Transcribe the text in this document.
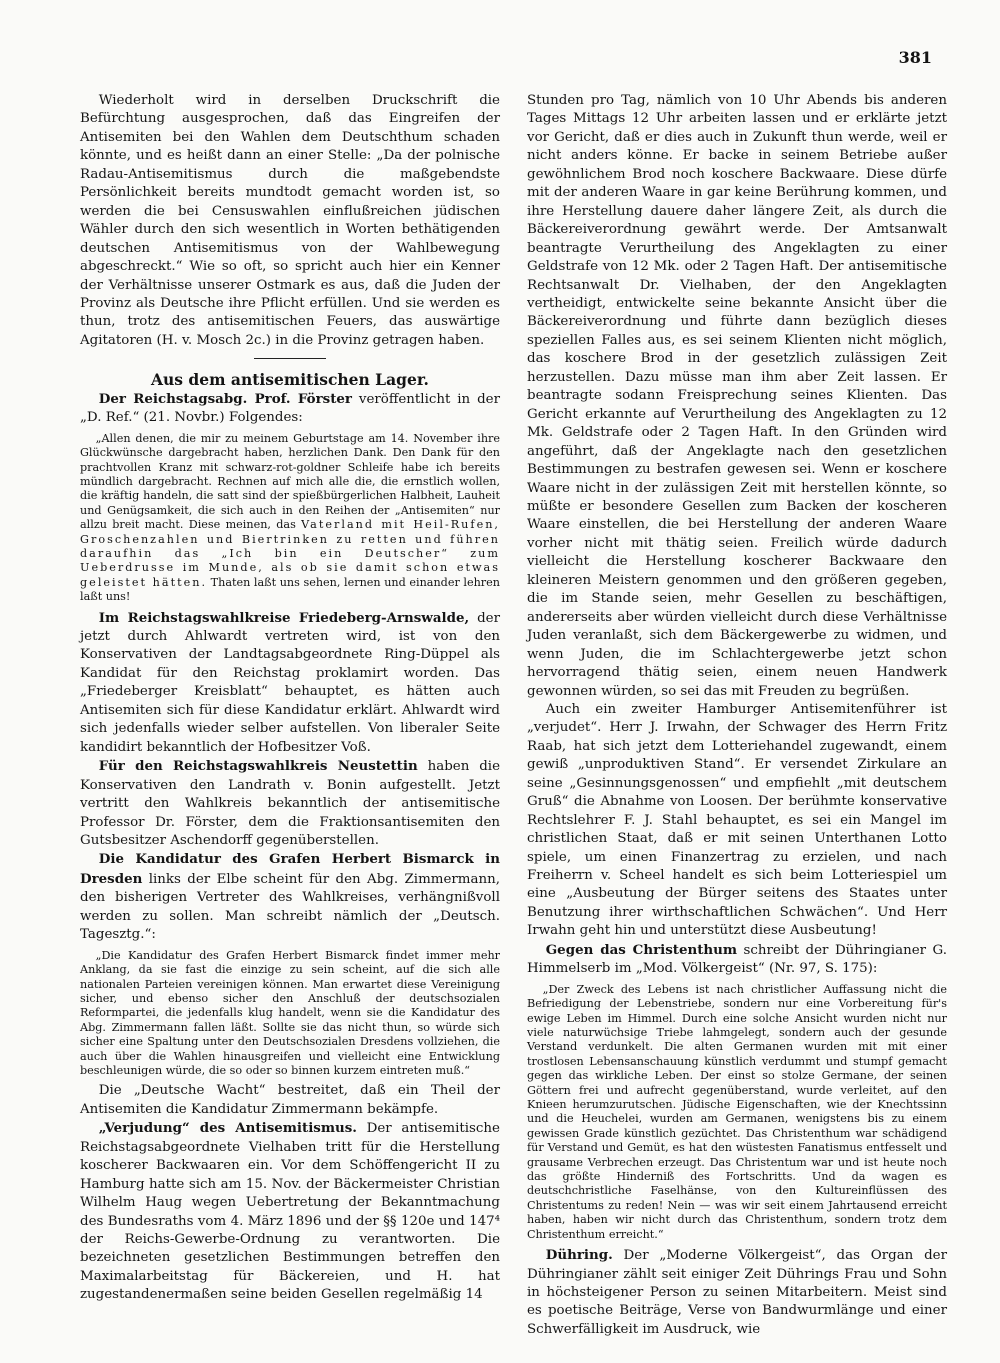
381

Wiederholt wird in derselben Druckschrift die Befürchtung ausgesprochen, daß das Eingreifen der Antisemiten bei den Wahlen dem Deutschthum schaden könnte, und es heißt dann an einer Stelle: „Da der polnische Radau-Antisemitismus durch die maßgebendste Persönlichkeit bereits mundtodt gemacht worden ist, so werden die bei Censuswahlen einflußreichen jüdischen Wähler durch den sich wesentlich in Worten bethätigenden deutschen Antisemitismus von der Wahlbewegung abgeschreckt.“ Wie so oft, so spricht auch hier ein Kenner der Verhältnisse unserer Ostmark es aus, daß die Juden der Provinz als Deutsche ihre Pflicht erfüllen. Und sie werden es thun, trotz des antisemitischen Feuers, das auswärtige Agitatoren (H. v. Mosch 2c.) in die Provinz getragen haben.

Aus dem antisemitischen Lager.

Der Reichstagsabg. Prof. Förster veröffentlicht in der „D. Ref.“ (21. Novbr.) Folgendes:

„Allen denen, die mir zu meinem Geburtstage am 14. November ihre Glückwünsche dargebracht haben, herzlichen Dank. Den Dank für den prachtvollen Kranz mit schwarz-rot-goldner Schleife habe ich bereits mündlich dargebracht. Rechnen auf mich alle die, die ernstlich wollen, die kräftig handeln, die satt sind der spießbürgerlichen Halbheit, Lauheit und Genügsamkeit, die sich auch in den Reihen der „Antisemiten“ nur allzu breit macht. Diese meinen, das Vaterland mit Heil-Rufen, Groschenzahlen und Biertrinken zu retten und führen daraufhin das „Ich bin ein Deutscher“ zum Ueberdrusse im Munde, als ob sie damit schon etwas geleistet hätten. Thaten laßt uns sehen, lernen und einander lehren laßt uns!

Im Reichstagswahlkreise Friedeberg-Arnswalde, der jetzt durch Ahlwardt vertreten wird, ist von den Konservativen der Landtagsabgeordnete Ring-Düppel als Kandidat für den Reichstag proklamirt worden. Das „Friedeberger Kreisblatt“ behauptet, es hätten auch Antisemiten sich für diese Kandidatur erklärt. Ahlwardt wird sich jedenfalls wieder selber aufstellen. Von liberaler Seite kandidirt bekanntlich der Hofbesitzer Voß.

Für den Reichstagswahlkreis Neustettin haben die Konservativen den Landrath v. Bonin aufgestellt. Jetzt vertritt den Wahlkreis bekanntlich der antisemitische Professor Dr. Förster, dem die Fraktionsantisemiten den Gutsbesitzer Aschendorff gegenüberstellen.

Die Kandidatur des Grafen Herbert Bismarck in Dresden links der Elbe scheint für den Abg. Zimmermann, den bisherigen Vertreter des Wahlkreises, verhängnißvoll werden zu sollen. Man schreibt nämlich der „Deutsch. Tagesztg.“:

„Die Kandidatur des Grafen Herbert Bismarck findet immer mehr Anklang, da sie fast die einzige zu sein scheint, auf die sich alle nationalen Parteien vereinigen können. Man erwartet diese Vereinigung sicher, und ebenso sicher den Anschluß der deutschsozialen Reformpartei, die jedenfalls klug handelt, wenn sie die Kandidatur des Abg. Zimmermann fallen läßt. Sollte sie das nicht thun, so würde sich sicher eine Spaltung unter den Deutschsozialen Dresdens vollziehen, die auch über die Wahlen hinausgreifen und vielleicht eine Entwicklung beschleunigen würde, die so oder so binnen kurzem eintreten muß.“

Die „Deutsche Wacht“ bestreitet, daß ein Theil der Antisemiten die Kandidatur Zimmermann bekämpfe.

„Verjudung“ des Antisemitismus. Der antisemitische Reichstagsabgeordnete Vielhaben tritt für die Herstellung koscherer Backwaaren ein. Vor dem Schöffengericht II zu Hamburg hatte sich am 15. Nov. der Bäckermeister Christian Wilhelm Haug wegen Uebertretung der Bekanntmachung des Bundesraths vom 4. März 1896 und der §§ 120e und 147⁴ der Reichs-Gewerbe-Ordnung zu verantworten. Die bezeichneten gesetzlichen Bestimmungen betreffen den Maximalarbeitstag für Bäckereien, und H. hat zugestandenermaßen seine beiden Gesellen regelmäßig 14

Stunden pro Tag, nämlich von 10 Uhr Abends bis anderen Tages Mittags 12 Uhr arbeiten lassen und er erklärte jetzt vor Gericht, daß er dies auch in Zukunft thun werde, weil er nicht anders könne. Er backe in seinem Betriebe außer gewöhnlichem Brod noch koschere Backwaare. Diese dürfe mit der anderen Waare in gar keine Berührung kommen, und ihre Herstellung dauere daher längere Zeit, als durch die Bäckereiverordnung gewährt werde. Der Amtsanwalt beantragte Verurtheilung des Angeklagten zu einer Geldstrafe von 12 Mk. oder 2 Tagen Haft. Der antisemitische Rechtsanwalt Dr. Vielhaben, der den Angeklagten vertheidigt, entwickelte seine bekannte Ansicht über die Bäckereiverordnung und führte dann bezüglich dieses speziellen Falles aus, es sei seinem Klienten nicht möglich, das koschere Brod in der gesetzlich zulässigen Zeit herzustellen. Dazu müsse man ihm aber Zeit lassen. Er beantragte sodann Freisprechung seines Klienten. Das Gericht erkannte auf Verurtheilung des Angeklagten zu 12 Mk. Geldstrafe oder 2 Tagen Haft. In den Gründen wird angeführt, daß der Angeklagte nach den gesetzlichen Bestimmungen zu bestrafen gewesen sei. Wenn er koschere Waare nicht in der zulässigen Zeit mit herstellen könnte, so müßte er besondere Gesellen zum Backen der koscheren Waare einstellen, die bei Herstellung der anderen Waare vorher nicht mit thätig seien. Freilich würde dadurch vielleicht die Herstellung koscherer Backwaare den kleineren Meistern genommen und den größeren gegeben, die im Stande seien, mehr Gesellen zu beschäftigen, andererseits aber würden vielleicht durch diese Verhältnisse Juden veranlaßt, sich dem Bäckergewerbe zu widmen, und wenn Juden, die im Schlachtergewerbe jetzt schon hervorragend thätig seien, einem neuen Handwerk gewonnen würden, so sei das mit Freuden zu begrüßen.

Auch ein zweiter Hamburger Antisemitenführer ist „verjudet“. Herr J. Irwahn, der Schwager des Herrn Fritz Raab, hat sich jetzt dem Lotteriehandel zugewandt, einem gewiß „unproduktiven Stand“. Er versendet Zirkulare an seine „Gesinnungsgenossen“ und empfiehlt „mit deutschem Gruß“ die Abnahme von Loosen. Der berühmte konservative Rechtslehrer F. J. Stahl behauptet, es sei ein Mangel im christlichen Staat, daß er mit seinen Unterthanen Lotto spiele, um einen Finanzertrag zu erzielen, und nach Freiherrn v. Scheel handelt es sich beim Lotteriespiel um eine „Ausbeutung der Bürger seitens des Staates unter Benutzung ihrer wirthschaftlichen Schwächen“. Und Herr Irwahn geht hin und unterstützt diese Ausbeutung!

Gegen das Christenthum schreibt der Dühringianer G. Himmelserb im „Mod. Völkergeist“ (Nr. 97, S. 175):

„Der Zweck des Lebens ist nach christlicher Auffassung nicht die Befriedigung der Lebenstriebe, sondern nur eine Vorbereitung für's ewige Leben im Himmel. Durch eine solche Ansicht wurden nicht nur viele naturwüchsige Triebe lahmgelegt, sondern auch der gesunde Verstand verdunkelt. Die alten Germanen wurden mit mit einer trostlosen Lebensanschauung künstlich verdummt und stumpf gemacht gegen das wirkliche Leben. Der einst so stolze Germane, der seinen Göttern frei und aufrecht gegenüberstand, wurde verleitet, auf den Knieen herumzurutschen. Jüdische Eigenschaften, wie der Knechtssinn und die Heuchelei, wurden am Germanen, wenigstens bis zu einem gewissen Grade künstlich gezüchtet. Das Christenthum war schädigend für Verstand und Gemüt, es hat den wüstesten Fanatismus entfesselt und grausame Verbrechen erzeugt. Das Christentum war und ist heute noch das größte Hinderniß des Fortschritts. Und da wagen es deutschchristliche Faselhänse, von den Kultureinflüssen des Christentums zu reden! Nein — was wir seit einem Jahrtausend erreicht haben, haben wir nicht durch das Christenthum, sondern trotz dem Christenthum erreicht.“

Dühring. Der „Moderne Völkergeist“, das Organ der Dühringianer zählt seit einiger Zeit Dührings Frau und Sohn in höchsteigener Person zu seinen Mitarbeitern. Meist sind es poetische Beiträge, Verse von Bandwurmlänge und einer Schwerfälligkeit im Ausdruck, wie
